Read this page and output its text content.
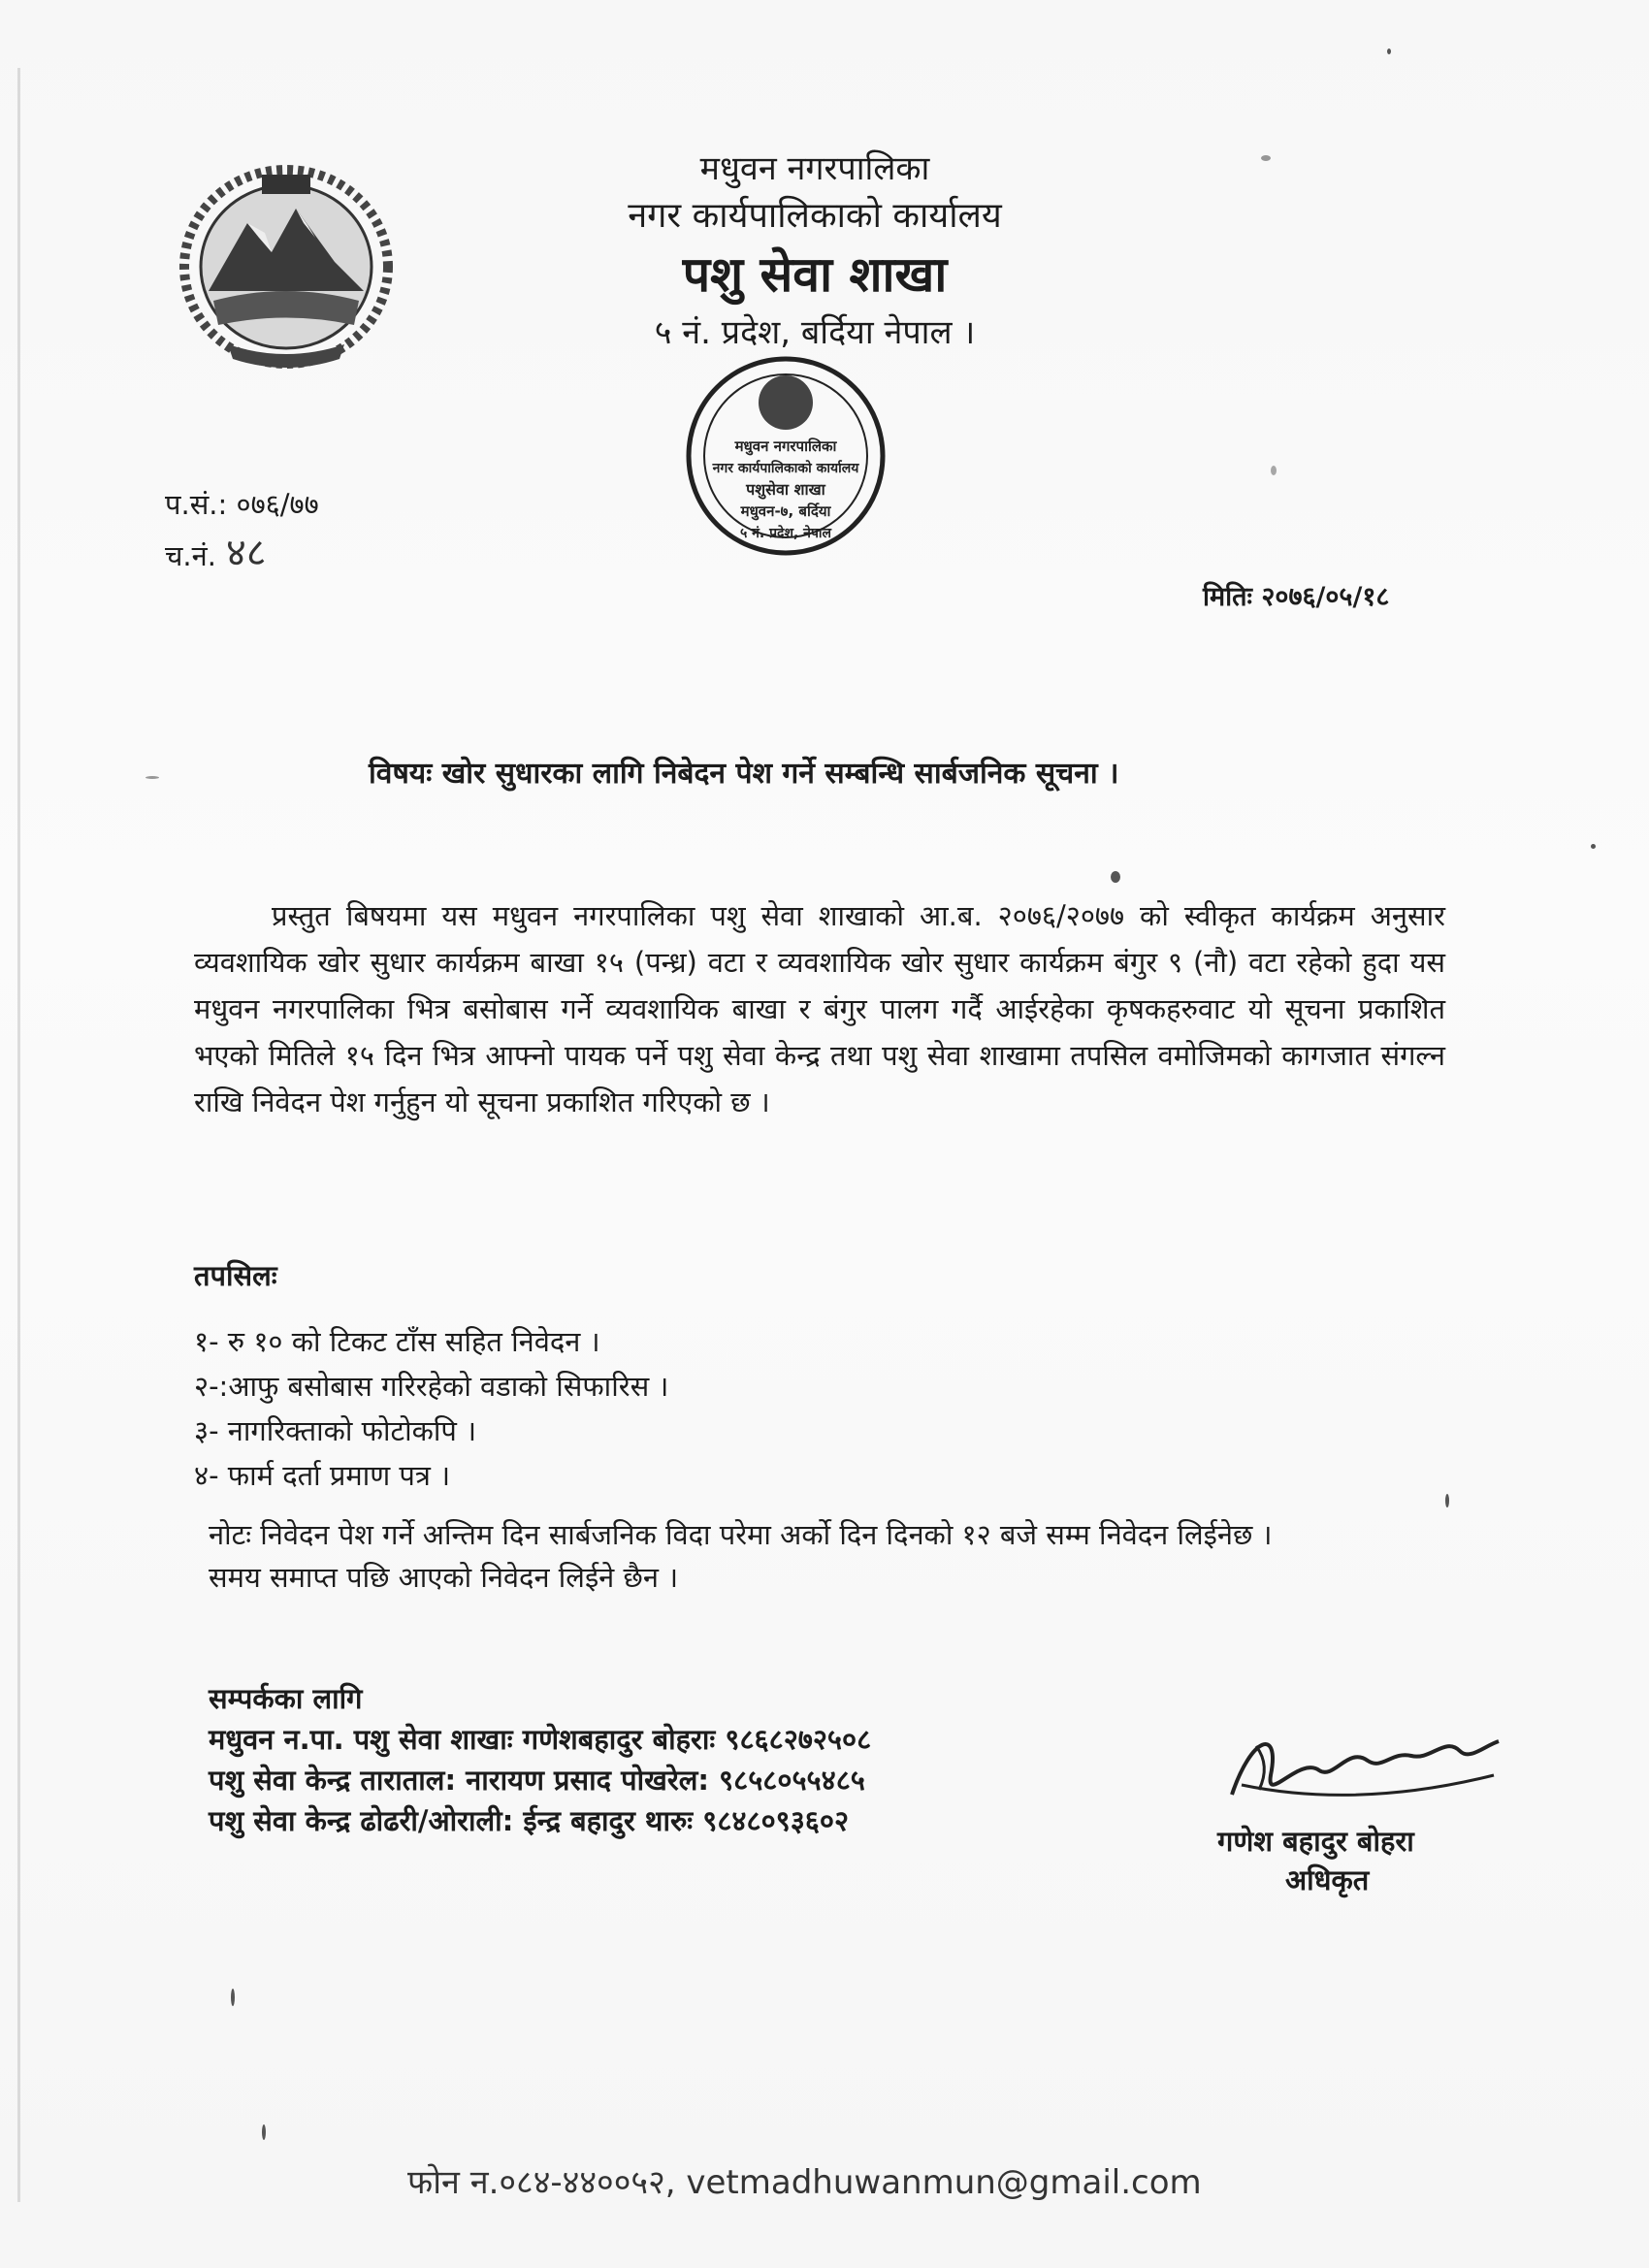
मधुवन नगरपालिका
नगर कार्यपालिकाको कार्यालय
पशु सेवा शाखा
५ नं. प्रदेश, बर्दिया नेपाल ।
मधुवन नगरपालिका
नगर कार्यपालिकाको कार्यालय
पशुसेवा शाखा
मधुवन-७, बर्दिया
५ नं. प्रदेश, नेपाल
प.सं.: ०७६/७७
च.नं. ४८
मितिः २०७६/०५/१८
विषयः खोर सुधारका लागि निबेदन पेश गर्ने सम्बन्धि सार्बजनिक सूचना ।
प्रस्तुत बिषयमा यस मधुवन नगरपालिका पशु सेवा शाखाको आ.ब. २०७६/२०७७ को स्वीकृत कार्यक्रम अनुसार व्यवशायिक खोर सुधार कार्यक्रम बाखा १५ (पन्ध्र) वटा र व्यवशायिक खोर सुधार कार्यक्रम बंगुर ९ (नौ) वटा रहेको हुदा यस मधुवन नगरपालिका भित्र बसोबास गर्ने व्यवशायिक बाखा र बंगुर पालग गर्दै आईरहेका कृषकहरुवाट यो सूचना प्रकाशित भएको मितिले १५ दिन भित्र आफ्नो पायक पर्ने पशु सेवा केन्द्र तथा पशु सेवा शाखामा तपसिल वमोजिमको कागजात संगल्न राखि निवेदन पेश गर्नुहुन यो सूचना प्रकाशित गरिएको छ ।
तपसिलः
१- रु १० को टिकट टाँस सहित निवेदन ।
२-:आफु बसोबास गरिरहेको वडाको सिफारिस ।
३- नागरिक्ताको फोटोकपि ।
४- फार्म दर्ता प्रमाण पत्र ।
नोटः निवेदन पेश गर्ने अन्तिम दिन सार्बजनिक विदा परेमा अर्को दिन दिनको १२ बजे सम्म निवेदन लिईनेछ ।
समय समाप्त पछि आएको निवेदन लिईने छैन ।
सम्पर्कका लागि
मधुवन न.पा. पशु सेवा शाखाः गणेशबहादुर बोहराः ९८६८२७२५०८
पशु सेवा केन्द्र ताराताल: नारायण प्रसाद पोखरेल: ९८५८०५५४८५
पशु सेवा केन्द्र ढोढरी/ओराली: ईन्द्र बहादुर थारुः ९८४८०९३६०२
गणेश बहादुर बोहरा
अधिकृत
फोन न.०८४-४४००५२, vetmadhuwanmun@gmail.com
